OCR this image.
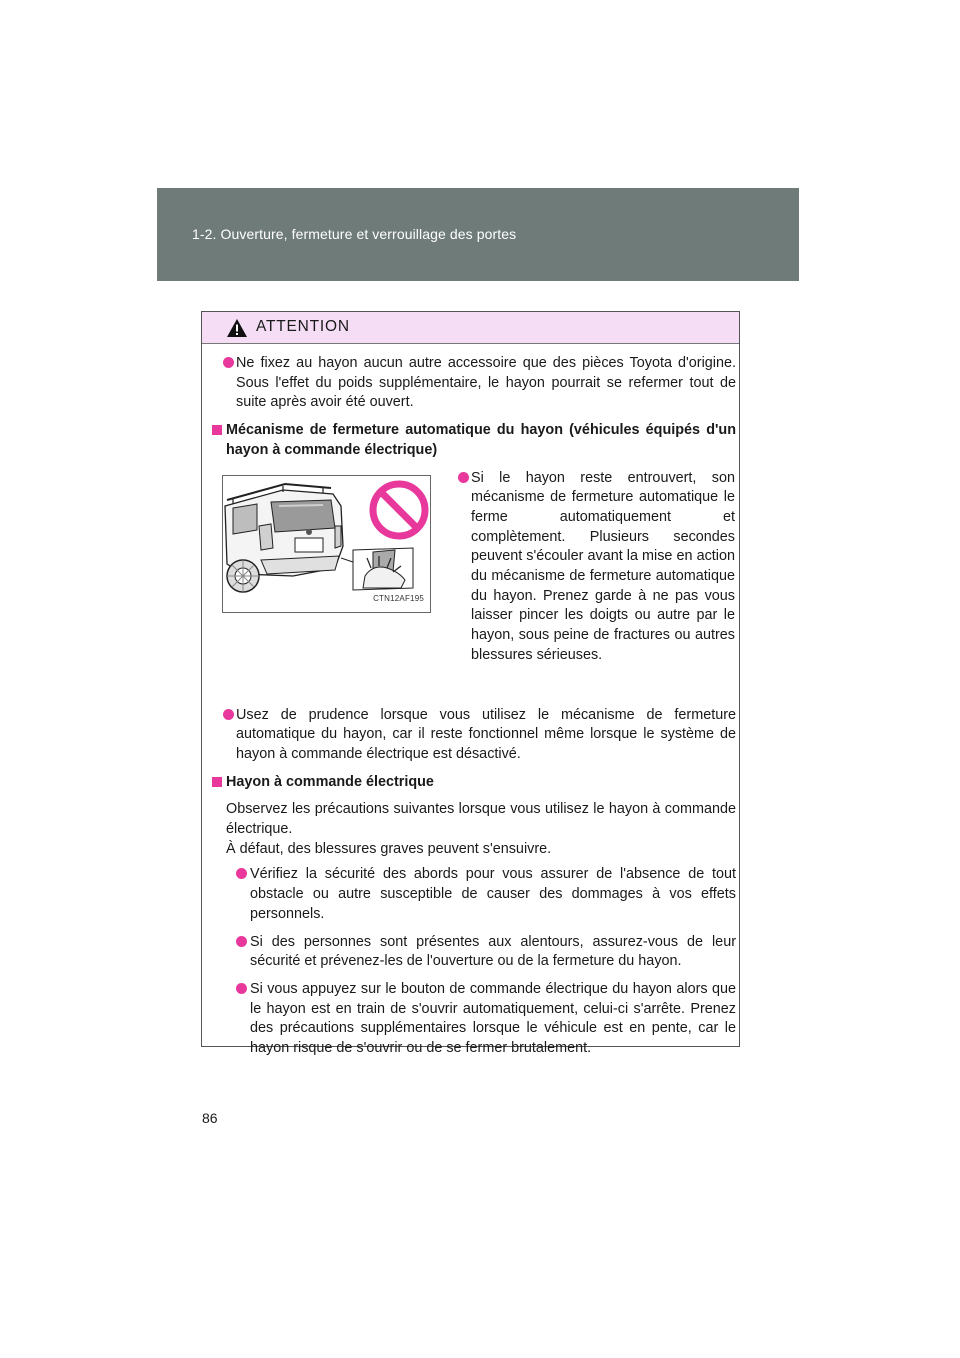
1-2. Ouverture, fermeture et verrouillage des portes
ATTENTION
Ne fixez au hayon aucun autre accessoire que des pièces Toyota d'origine. Sous l'effet du poids supplémentaire, le hayon pourrait se refermer tout de suite après avoir été ouvert.
Mécanisme de fermeture automatique du hayon (véhicules équipés d'un hayon à commande électrique)
CTN12AF195
Si le hayon reste entrouvert, son mécanisme de fermeture automatique le ferme automatiquement et complètement. Plusieurs secondes peuvent s'écouler avant la mise en action du mécanisme de fermeture automatique du hayon. Prenez garde à ne pas vous laisser pincer les doigts ou autre par le hayon, sous peine de fractures ou autres blessures sérieuses.
Usez de prudence lorsque vous utilisez le mécanisme de fermeture automatique du hayon, car il reste fonctionnel même lorsque le système de hayon à commande électrique est désactivé.
Hayon à commande électrique
Observez les précautions suivantes lorsque vous utilisez le hayon à commande électrique.
À défaut, des blessures graves peuvent s'ensuivre.
Vérifiez la sécurité des abords pour vous assurer de l'absence de tout obstacle ou autre susceptible de causer des dommages à vos effets personnels.
Si des personnes sont présentes aux alentours, assurez-vous de leur sécurité et prévenez-les de l'ouverture ou de la fermeture du hayon.
Si vous appuyez sur le bouton de commande électrique du hayon alors que le hayon est en train de s'ouvrir automatiquement, celui-ci s'arrête. Prenez des précautions supplémentaires lorsque le véhicule est en pente, car le hayon risque de s'ouvrir ou de se fermer brutalement.
86
